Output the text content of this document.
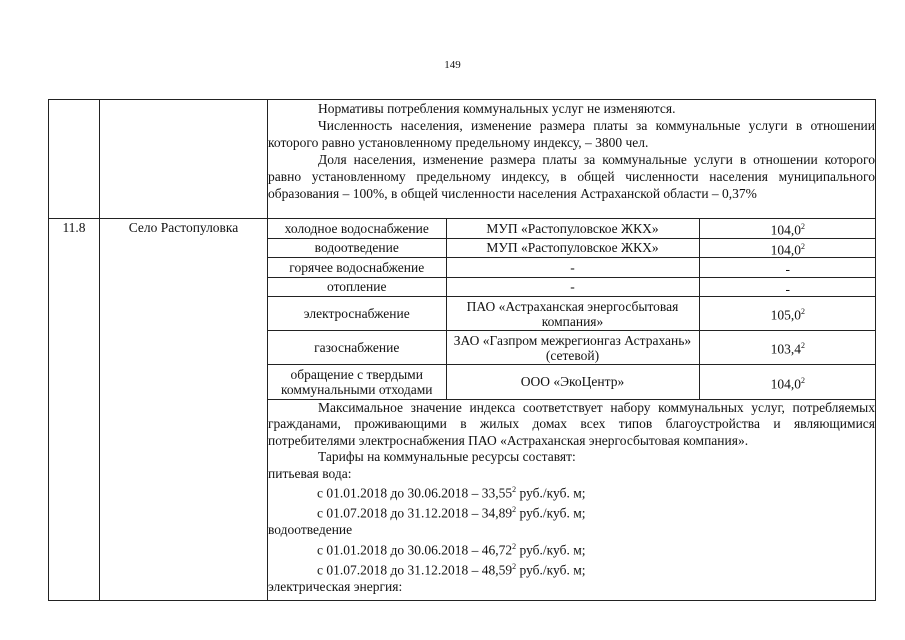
149

Нормативы потребления коммунальных услуг не изменяются.

Численность населения, изменение размера платы за коммунальные услуги в отношении которого равно установленному предельному индексу, – 3800 чел.

Доля населения, изменение размера платы за коммунальные услуги в отношении которого равно установленному предельному индексу, в общей численности населения муниципального образования – 100%, в общей численности населения Астраханской области – 0,37%

11.8	Село Растопуловка		холодное водоснабжение	МУП «Растопуловское ЖКХ»	104,0$^2$
водоотведение	МУП «Растопуловское ЖКХ»	104,0$^2$
горячее водоснабжение	-	-
отопление	-	-
электроснабжение	ПАО «Астраханская энергосбытовая компания»	105,0$^2$
газоснабжение	ЗАО «Газпром межрегионгаз Астрахань» (сетевой)	103,4$^2$
обращение с твердыми коммунальными отходами	ООО «ЭкоЦентр»	104,0$^2$

Максимальное значение индекса соответствует набору коммунальных услуг, потребляемых гражданами, проживающими в жилых домах всех типов благоустройства и являющимися потребителями электроснабжения ПАО «Астраханская энергосбытовая компания».

Тарифы на коммунальные ресурсы составят:

питьевая вода:

с 01.01.2018 до 30.06.2018 – 33,55$^2$ руб./куб. м;

с 01.07.2018 до 31.12.2018 – 34,89$^2$ руб./куб. м;

водоотведение

с 01.01.2018 до 30.06.2018 – 46,72$^2$ руб./куб. м;

с 01.07.2018 до 31.12.2018 – 48,59$^2$ руб./куб. м;

электрическая энергия:
